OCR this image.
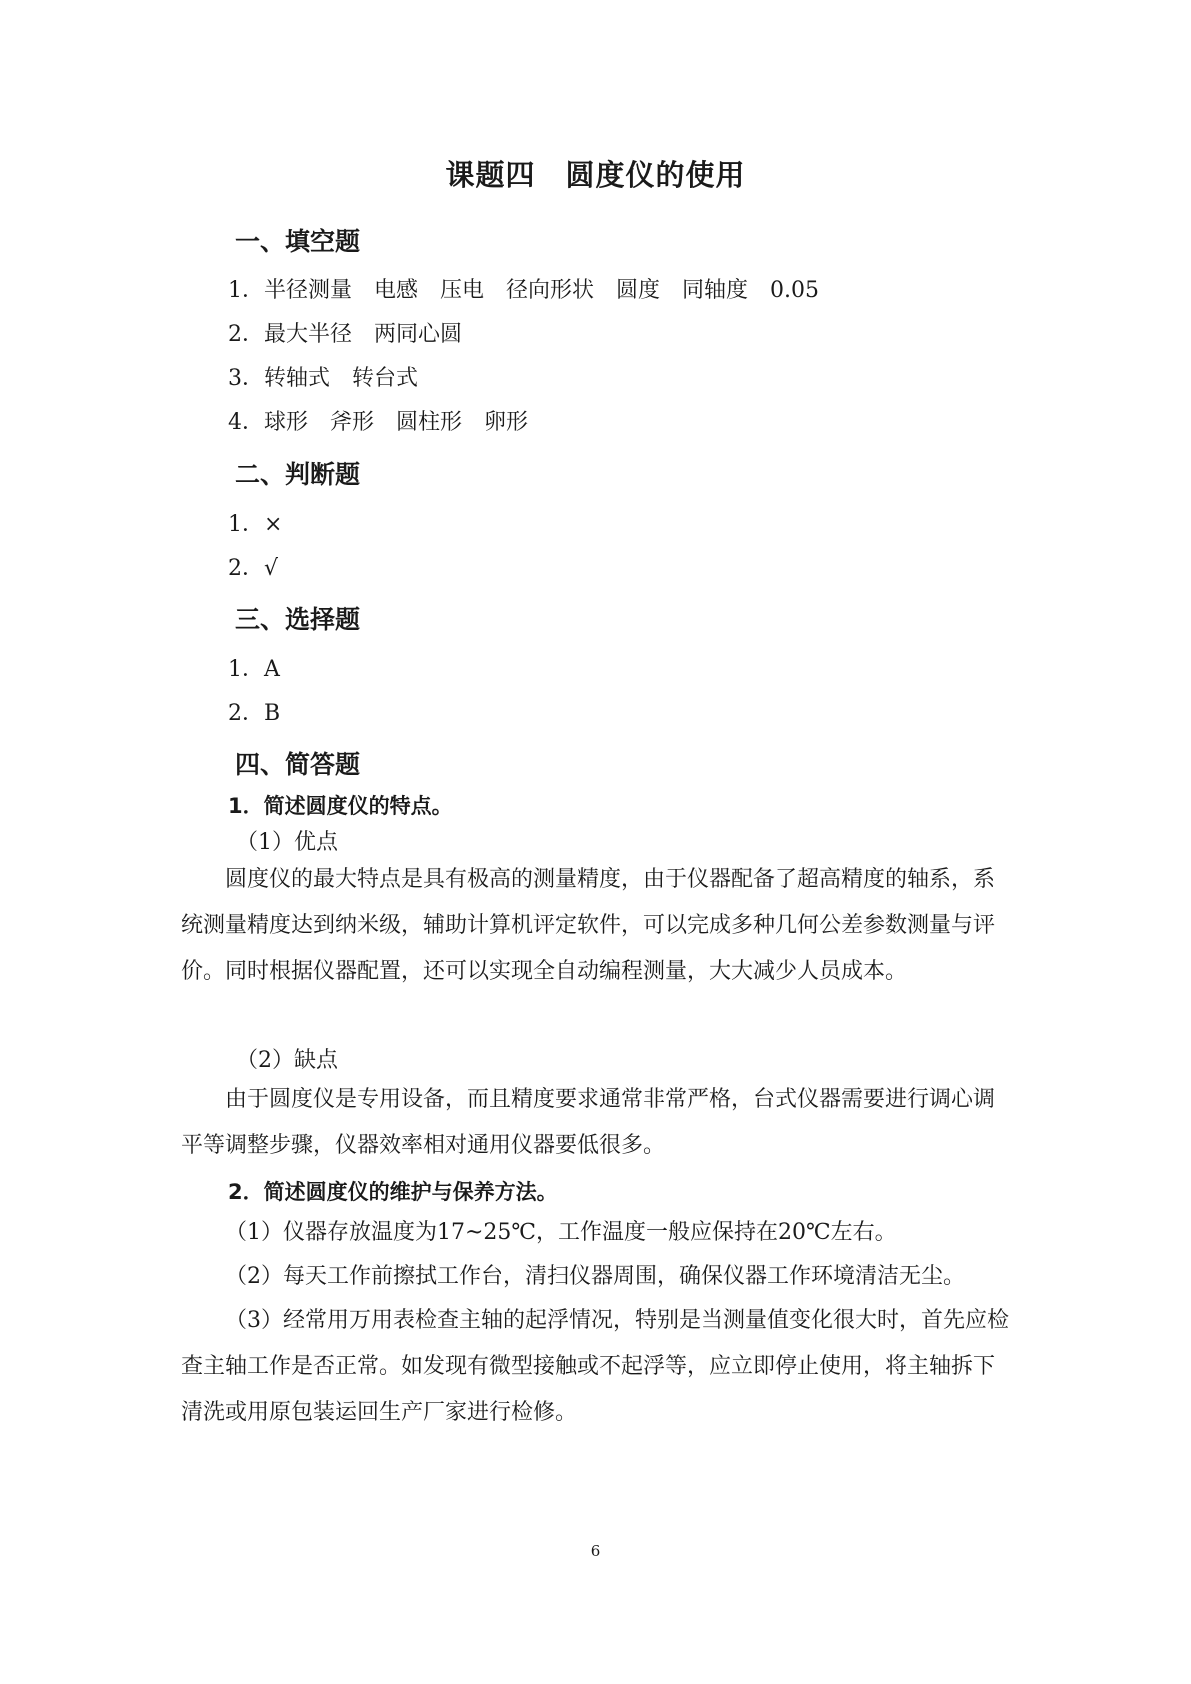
课题四　圆度仪的使用
一、填空题
1．半径测量　电感　压电　径向形状　圆度　同轴度　0.05
2．最大半径　两同心圆
3．转轴式　转台式
4．球形　斧形　圆柱形　卵形
二、判断题
1．×
2．√
三、选择题
1．A
2．B
四、简答题
1．简述圆度仪的特点。
（1）优点
圆度仪的最大特点是具有极高的测量精度，由于仪器配备了超高精度的轴系，系统测量精度达到纳米级，辅助计算机评定软件，可以完成多种几何公差参数测量与评价。同时根据仪器配置，还可以实现全自动编程测量，大大减少人员成本。
（2）缺点
由于圆度仪是专用设备，而且精度要求通常非常严格，台式仪器需要进行调心调平等调整步骤，仪器效率相对通用仪器要低很多。
2．简述圆度仪的维护与保养方法。
（1）仪器存放温度为17~25℃，工作温度一般应保持在20℃左右。
（2）每天工作前擦拭工作台，清扫仪器周围，确保仪器工作环境清洁无尘。
（3）经常用万用表检查主轴的起浮情况，特别是当测量值变化很大时，首先应检查主轴工作是否正常。如发现有微型接触或不起浮等，应立即停止使用，将主轴拆下清洗或用原包装运回生产厂家进行检修。
6
